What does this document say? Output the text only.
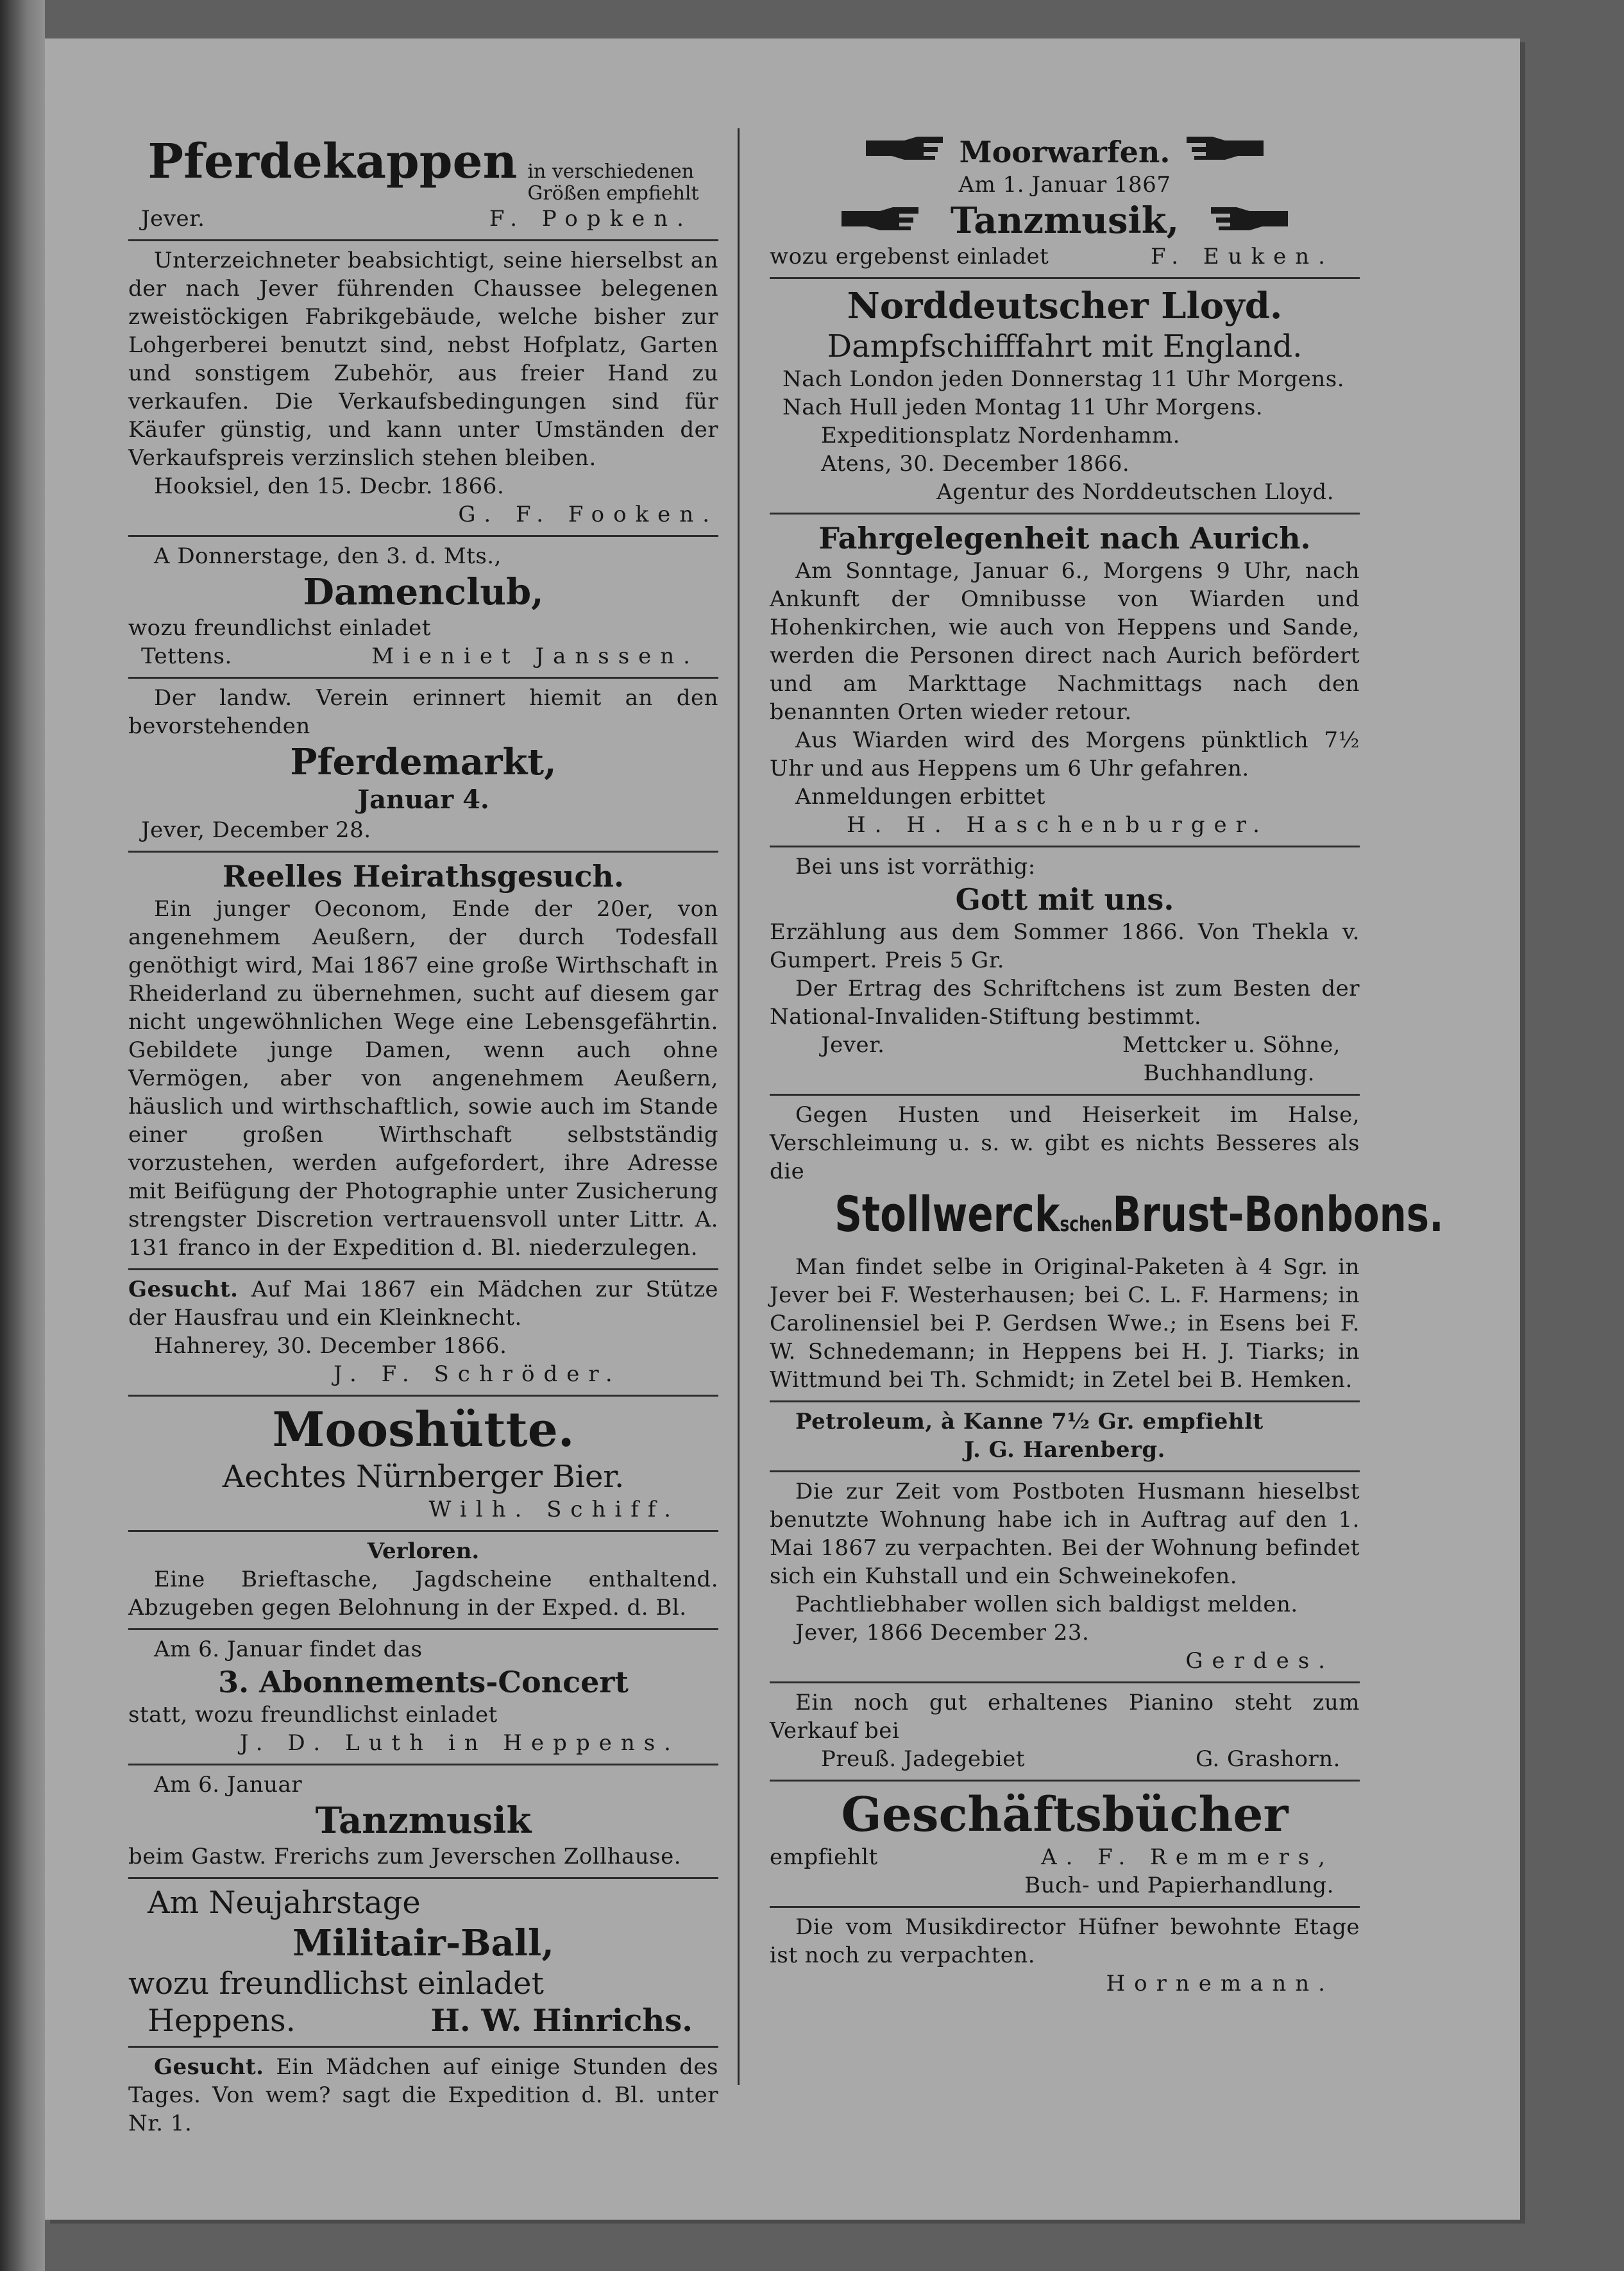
Pferdekappen in verschiedenen
Größen empfiehlt
Jever.	F. Popken.
Unterzeichneter beabsichtigt, seine hierselbst an der nach Jever führenden Chaussee belegenen zweistöckigen Fabrikgebäude, welche bisher zur Lohgerberei benutzt sind, nebst Hofplatz, Garten und sonstigem Zubehör, aus freier Hand zu verkaufen. Die Verkaufsbedingungen sind für Käufer günstig, und kann unter Umständen der Verkaufspreis verzinslich stehen bleiben.
Hooksiel, den 15. Decbr. 1866.
G. F. Fooken.
A Donnerstage, den 3. d. Mts.,
Damenclub,
wozu freundlichst einladet
Tettens.	Mieniet Janssen.
Der landw. Verein erinnert hiemit an den bevorstehenden
Pferdemarkt,
Januar 4.
Jever, December 28.
Reelles Heirathsgesuch.
Ein junger Oeconom, Ende der 20er, von angenehmem Aeußern, der durch Todesfall genöthigt wird, Mai 1867 eine große Wirthschaft in Rheiderland zu übernehmen, sucht auf diesem gar nicht ungewöhnlichen Wege eine Lebensgefährtin. Gebildete junge Damen, wenn auch ohne Vermögen, aber von angenehmem Aeußern, häuslich und wirthschaftlich, sowie auch im Stande einer großen Wirthschaft selbstständig vorzustehen, werden aufgefordert, ihre Adresse mit Beifügung der Photographie unter Zusicherung strengster Discretion vertrauensvoll unter Littr. A. 131 franco in der Expedition d. Bl. niederzulegen.
Gesucht. Auf Mai 1867 ein Mädchen zur Stütze der Hausfrau und ein Kleinknecht.
Hahnerey, 30. December 1866.
J. F. Schröder.
Mooshütte.
Aechtes Nürnberger Bier.
Wilh. Schiff.
Verloren.
Eine Brieftasche, Jagdscheine enthaltend. Abzugeben gegen Belohnung in der Exped. d. Bl.
Am 6. Januar findet das
3. Abonnements-Concert
statt, wozu freundlichst einladet
J. D. Luth in Heppens.
Am 6. Januar
Tanzmusik
beim Gastw. Frerichs zum Jeverschen Zollhause.
Am Neujahrstage
Militair-Ball,
wozu freundlichst einladet
Heppens.	H. W. Hinrichs.
Gesucht. Ein Mädchen auf einige Stunden des Tages. Von wem? sagt die Expedition d. Bl. unter Nr. 1.
Moorwarfen.
Am 1. Januar 1867
Tanzmusik,
wozu ergebenst einladet	F. Euken.
Norddeutscher Lloyd.
Dampfschifffahrt mit England.
Nach London jeden Donnerstag 11 Uhr Morgens.
Nach Hull jeden Montag 11 Uhr Morgens.
Expeditionsplatz Nordenhamm.
Atens, 30. December 1866.
Agentur des Norddeutschen Lloyd.
Fahrgelegenheit nach Aurich.
Am Sonntage, Januar 6., Morgens 9 Uhr, nach Ankunft der Omnibusse von Wiarden und Hohenkirchen, wie auch von Heppens und Sande, werden die Personen direct nach Aurich befördert und am Markttage Nachmittags nach den benannten Orten wieder retour.
Aus Wiarden wird des Morgens pünktlich 7½ Uhr und aus Heppens um 6 Uhr gefahren.
Anmeldungen erbittet
H. H. Haschenburger.
Bei uns ist vorräthig:
Gott mit uns.
Erzählung aus dem Sommer 1866. Von Thekla v. Gumpert. Preis 5 Gr.
Der Ertrag des Schriftchens ist zum Besten der National-Invaliden-Stiftung bestimmt.
Jever.	Mettcker u. Söhne,
Buchhandlung.
Gegen Husten und Heiserkeit im Halse, Verschleimung u. s. w. gibt es nichts Besseres als die
StollwerckschenBrust-Bonbons.
Man findet selbe in Original-Paketen à 4 Sgr. in Jever bei F. Westerhausen; bei C. L. F. Harmens; in Carolinensiel bei P. Gerdsen Wwe.; in Esens bei F. W. Schnedemann; in Heppens bei H. J. Tiarks; in Wittmund bei Th. Schmidt; in Zetel bei B. Hemken.
Petroleum, à Kanne 7½ Gr. empfiehlt
J. G. Harenberg.
Die zur Zeit vom Postboten Husmann hieselbst benutzte Wohnung habe ich in Auftrag auf den 1. Mai 1867 zu verpachten. Bei der Wohnung befindet sich ein Kuhstall und ein Schweinekofen.
Pachtliebhaber wollen sich baldigst melden.
Jever, 1866 December 23.
Gerdes.
Ein noch gut erhaltenes Pianino steht zum Verkauf bei
Preuß. Jadegebiet	G. Grashorn.
Geschäftsbücher
empfiehlt	A. F. Remmers,
Buch- und Papierhandlung.
Die vom Musikdirector Hüfner bewohnte Etage ist noch zu verpachten.
Hornemann.
